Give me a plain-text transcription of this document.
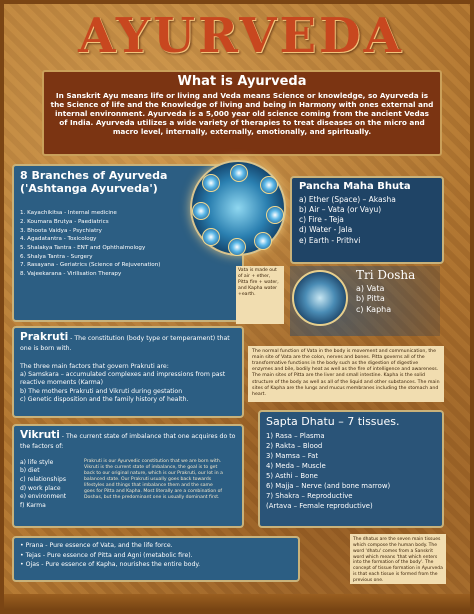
AYURVEDA
What is Ayurveda

In Sanskrit Ayu means life or living and Veda means Science or knowledge, so Ayurveda is the Science of life and the Knowledge of living and being in Harmony with ones external and internal environment. Ayurveda is a 5,000 year old science coming from the ancient Vedas of India. Ayurveda utilizes a wide variety of therapies to treat diseases on the micro and macro level, internally, externally, emotionally, and spiritually.

8 Branches of Ayurveda ('Ashtanga Ayurveda')
1. Kayachikitsa - Internal medicine
2. Koumara Brutya - Paediatrics
3. Bhoota Vaidya - Psychiatry
4. Agadatantra - Toxicology
5. Shalakya Tantra - ENT and Ophthalmology
6. Shalya Tantra - Surgery
7. Rasayana - Geriatrics (Science of Rejuvenation)
8. Vajeekarana - Virilisation Therapy
Pancha Maha Bhuta
a) Ether (Space) – Akasha
b) Air – Vata (or Vayu)
c) Fire - Teja
d) Water - Jala
e) Earth - Prithvi
Vata is made out of air + ether, Pitta fire + water, and Kapha water +earth.
Tri Dosha
a) Vata
b) Pitta
c) Kapha
Prakruti - The constitution (body type or temperament) that one is born with.
The three main factors that govern Prakruti are:
a) Samskara – accumulated complexes and impressions from past reactive moments (Karma)
b) The mothers Prakruti and Vikruti during gestation
c) Genetic disposition and the family history of health.
The normal function of Vata in the body is movement and communication, the main site of Vata are the colon, nerves and bones. Pitta governs all of the transformative functions in the body such as the digestion of digestive enzymes and bile, bodily heat as well as the fire of intelligence and awareness. The main sites of Pitta are the liver and small intestine. Kapha is the solid structure of the body as well as all of the liquid and other substances. The main sites of Kapha are the lungs and mucus membranes including the stomach and heart.
Vikruti - The current state of imbalance that one acquires do to the factors of:
a) life style
b) diet
c) relationships
d) work place
e) environment
f) Karma
Prakruti is our Ayurvedic constitution that we are born with. Vikruti is the current state of imbalance, the goal is to get back to our original nature, which is our Prakruti, our lot in a balanced state. Our Prakruti usually goes back towards lifestyles and things that imbalance them and the same goes for Pitta and Kapha. Most literally are a combination of Doshas, but the predominant one is usually dominant first.
Sapta Dhatu – 7 tissues.
1) Rasa – Plasma
2) Rakta – Blood
3) Mamsa – Fat
4) Meda – Muscle
5) Asthi – Bone
6) Majja – Nerve (and bone marrow)
7) Shakra – Reproductive
(Artava – Female reproductive)
• Prana - Pure essence of Vata, and the life force.
• Tejas - Pure essence of Pitta and Agni (metabolic fire).
• Ojas - Pure essence of Kapha, nourishes the entire body.
The dhatus are the seven main tissues which compose the human body. The word 'dhatu' comes from a Sanskrit word which means 'that which enters into the formation of the body'. The concept of tissue formation in Ayurveda is that each tissue is formed from the previous one.
